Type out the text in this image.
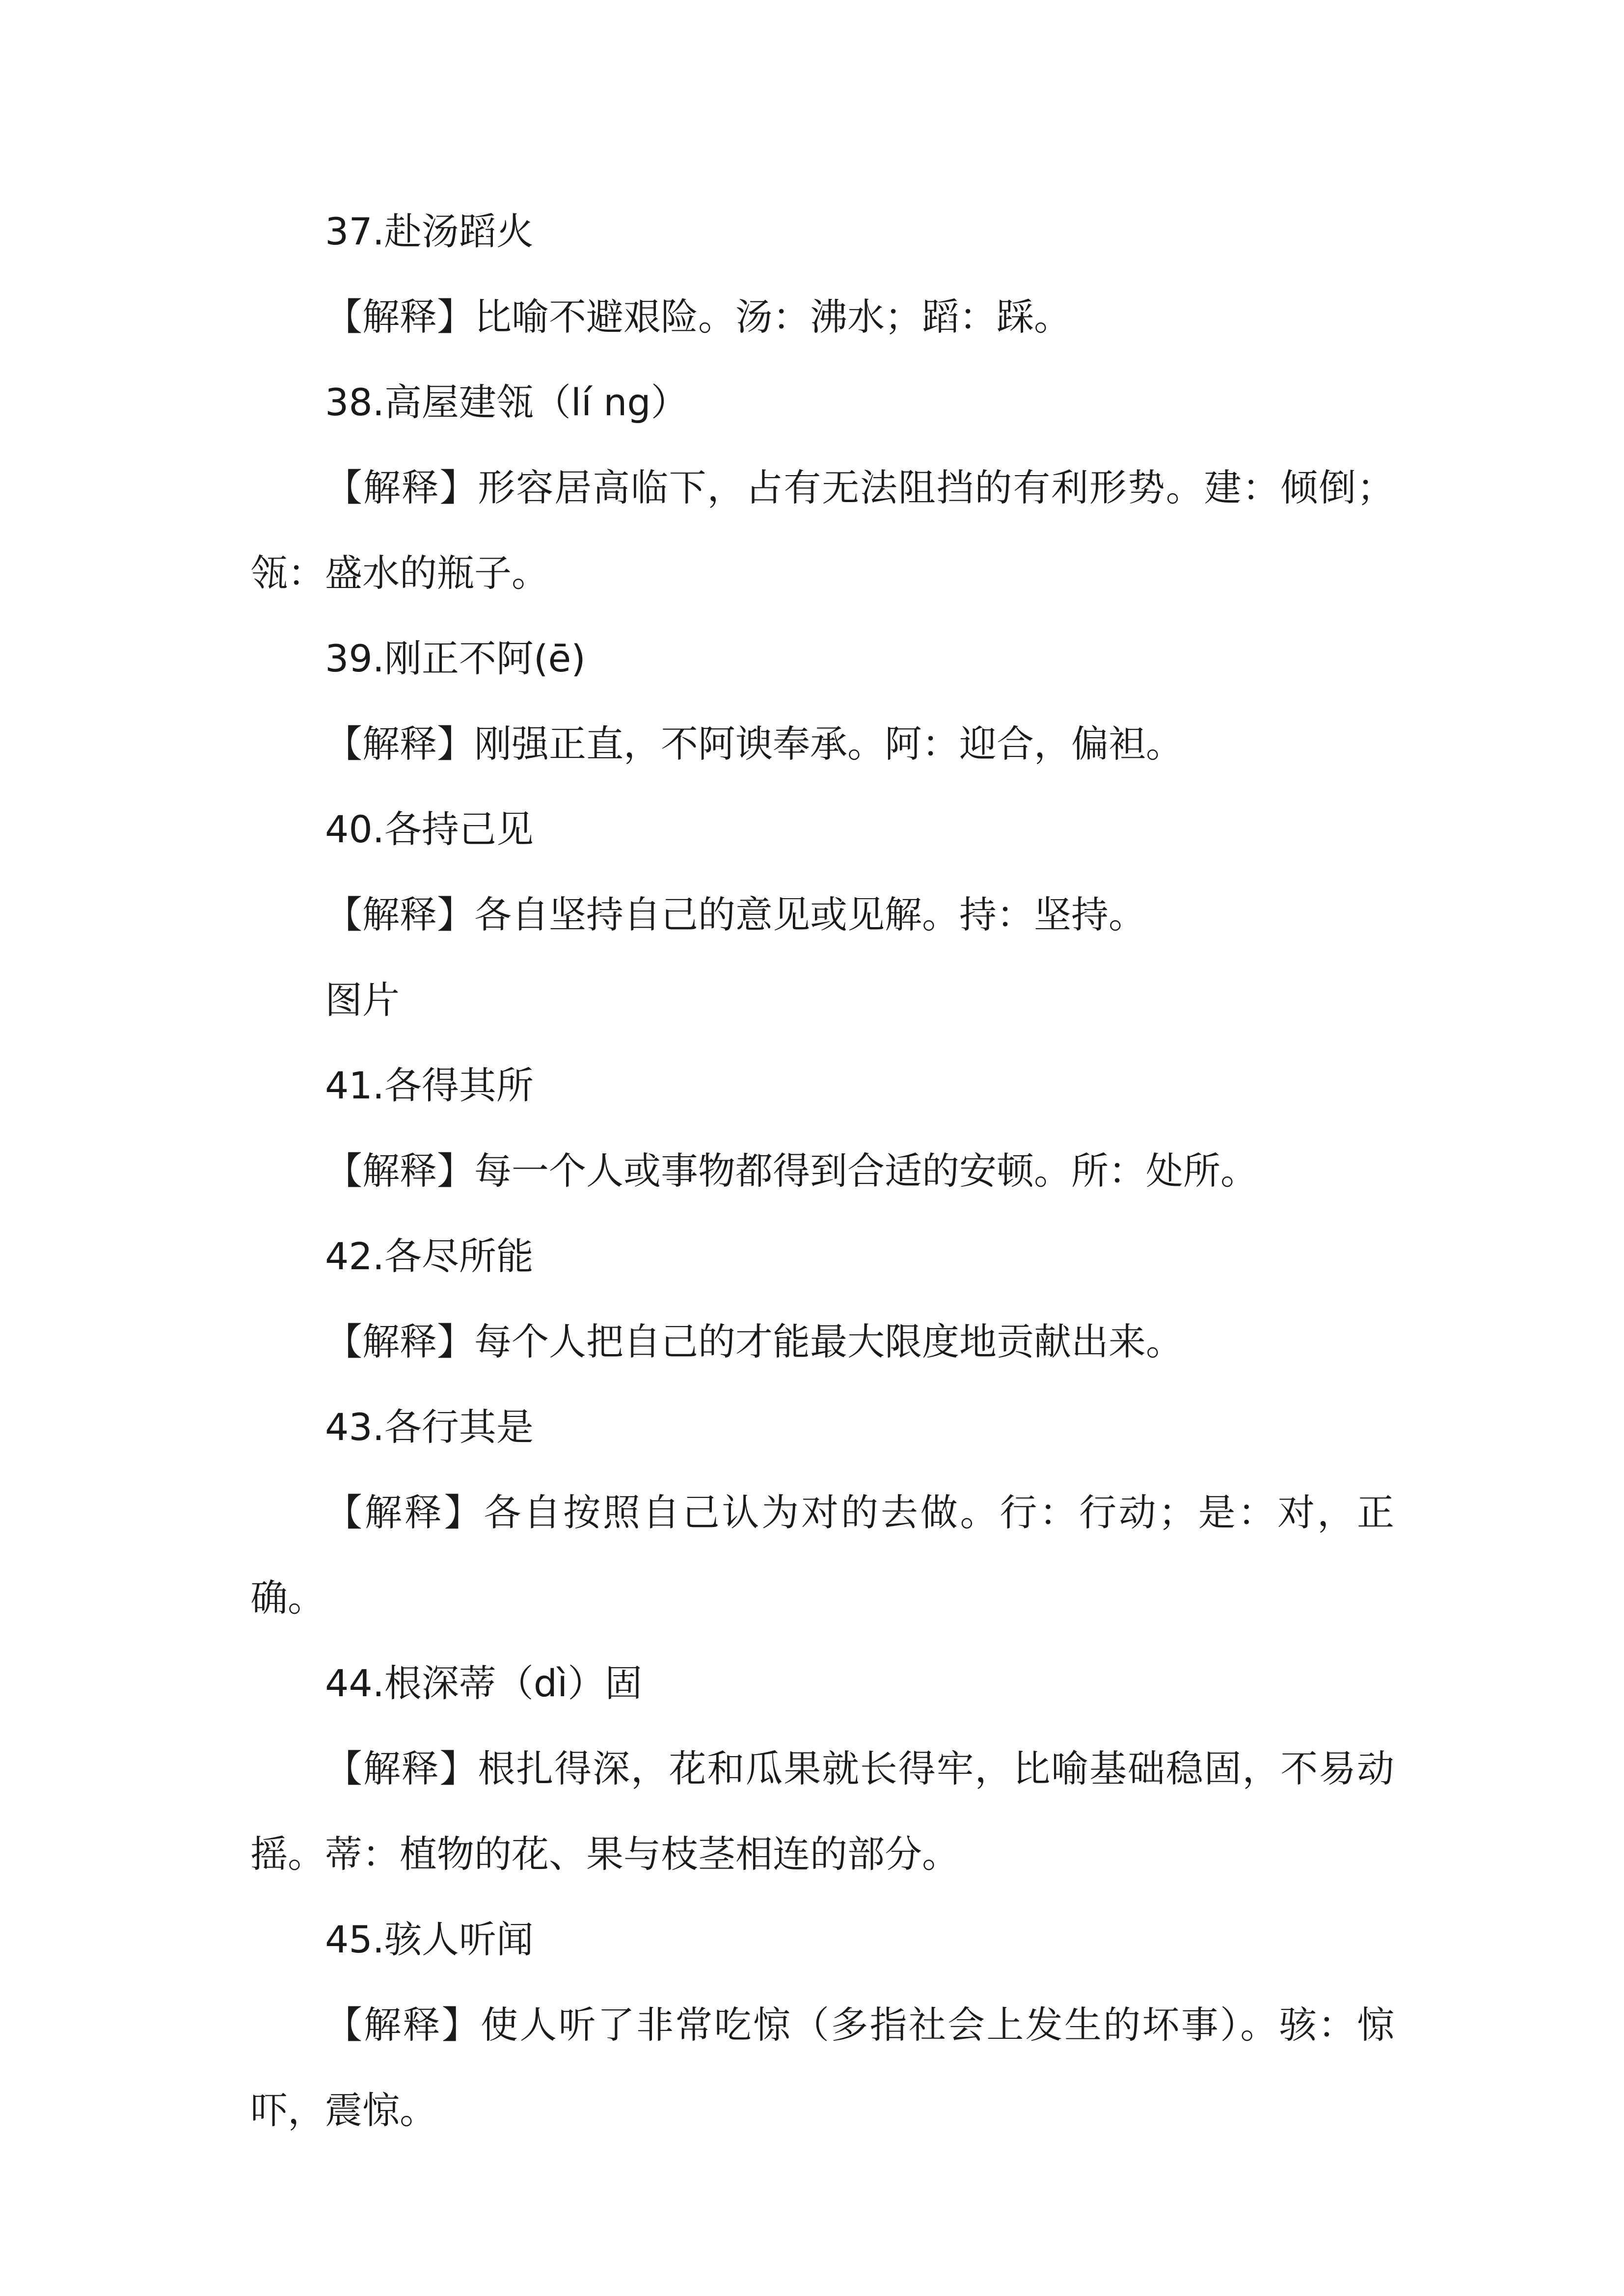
37.赴汤蹈火

【解释】比喻不避艰险。汤：沸水；蹈：踩。

38.高屋建瓴（lí ng）

【解释】形容居高临下，占有无法阻挡的有利形势。建：倾倒；瓴：盛水的瓶子。

39.刚正不阿(ē)

【解释】刚强正直，不阿谀奉承。阿：迎合，偏袒。

40.各持己见

【解释】各自坚持自己的意见或见解。持：坚持。

图片

41.各得其所

【解释】每一个人或事物都得到合适的安顿。所：处所。

42.各尽所能

【解释】每个人把自己的才能最大限度地贡献出来。

43.各行其是

【解释】各自按照自己认为对的去做。行：行动；是：对，正确。

44.根深蒂（dì）固

【解释】根扎得深，花和瓜果就长得牢，比喻基础稳固，不易动摇。蒂：植物的花、果与枝茎相连的部分。

45.骇人听闻

【解释】使人听了非常吃惊（多指社会上发生的坏事）。骇：惊吓，震惊。
